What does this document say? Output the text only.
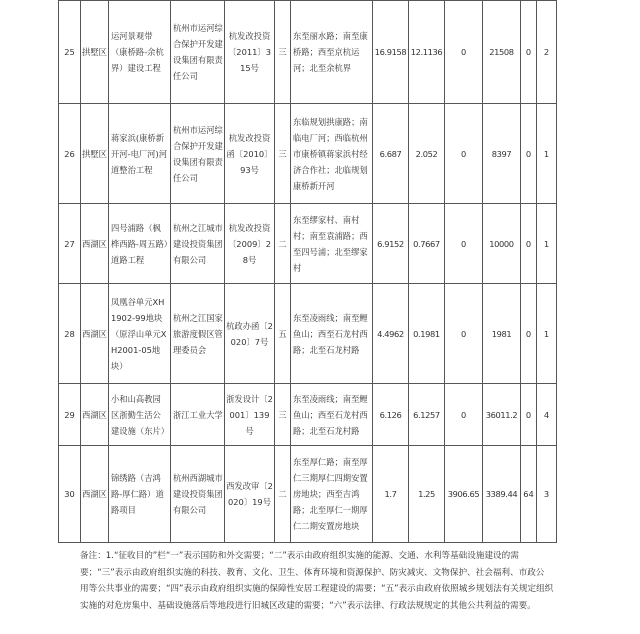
25	拱墅区	运河景观带（康桥路-余杭界）建设工程	杭州市运河综合保护开发建设集团有限责任公司	杭发改投资〔2011〕315号	三	东至丽水路；南至康桥路；西至京杭运河；北至余杭界	16.9158	12.1136	0	21508	0	2
26	拱墅区	蒋家浜(康桥新开河-电厂河)河道整治工程	杭州市运河综合保护开发建设集团有限责任公司	杭发改投资函〔2010〕93号	三	东临规划拱康路；南临电厂河；西临杭州市康桥镇蒋家浜村经济合作社；北临规划康桥新开河	6.687	2.052	0	8397	0	1
27	西湖区	四号浦路（枫桦西路-周五路）道路工程	杭州之江城市建设投资集团有限公司	杭发改投资〔2009〕28号	二	东至缪家村、南村村；南至袁浦路；西至四号浦；北至缪家村	6.9152	0.7667	0	10000	0	1
28	西湖区	凤凰谷单元XH1902-99地块（原浮山单元XH2001-05地块）	杭州之江国家旅游度假区管理委员会	杭政办函〔2020〕7号	五	东至凌雨线；南至鲤鱼山；西至石龙村西路；北至石龙村路	4.4962	0.1981	0	1981	0	1
29	西湖区	小和山高教园区浙勤生活公建设施（东片）	浙江工业大学	浙发设计〔2001〕139号	三	东至凌雨线；南至鲤鱼山；西至石龙村西路；北至石龙村路	6.126	6.1257	0	36011.2	0	4
30	西湖区	锦绣路（吉鸿路-厚仁路）道路项目	杭州西湖城市建设投资集团有限公司	西发改审〔2020〕19号	二	东至厚仁路；南至厚仁三期厚仁四期安置房地块；西至吉鸿路；北至厚仁一期厚仁二期安置房地块	1.7	1.25	3906.65	3389.44	64	3

备注：1.“征收目的”栏“一”表示国防和外交需要；“二”表示由政府组织实施的能源、交通、水利等基础设施建设的需

要；“三”表示由政府组织实施的科技、教育、文化、卫生、体育环境和资源保护、防灾减灾、文物保护、社会福利、市政公

用等公共事业的需要；“四”表示由政府组织实施的保障性安居工程建设的需要；“五”表示由政府依照城乡规划法有关规定组织

实施的对危房集中、基础设施落后等地段进行旧城区改建的需要；“六”表示法律、行政法规规定的其他公共利益的需要。
